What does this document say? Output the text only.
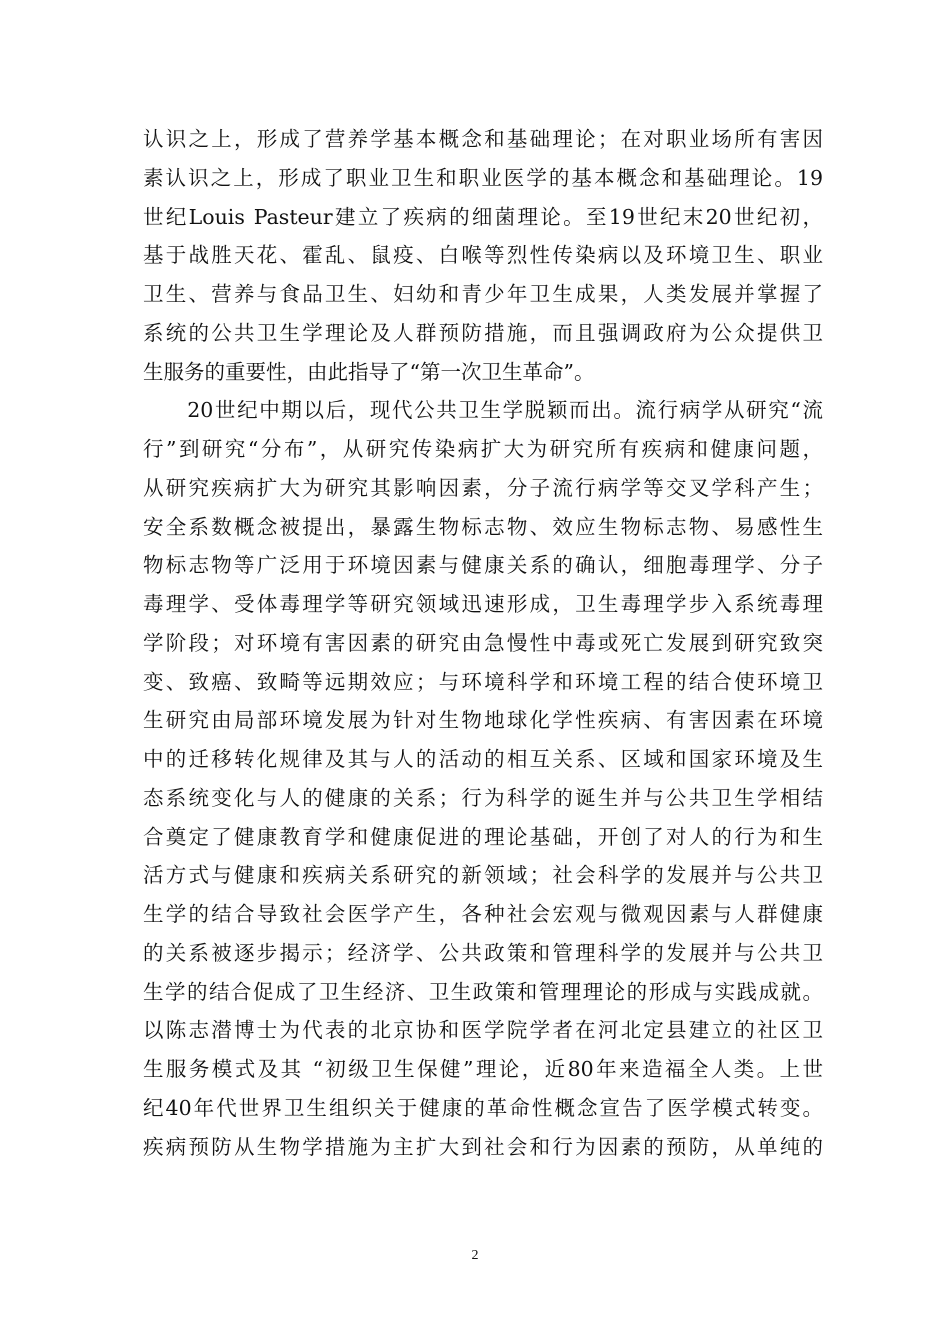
认识之上，形成了营养学基本概念和基础理论；在对职业场所有害因
素认识之上，形成了职业卫生和职业医学的基本概念和基础理论。19
世纪Louis Pasteur建立了疾病的细菌理论。至19世纪末20世纪初，
基于战胜天花、霍乱、鼠疫、白喉等烈性传染病以及环境卫生、职业
卫生、营养与食品卫生、妇幼和青少年卫生成果，人类发展并掌握了
系统的公共卫生学理论及人群预防措施，而且强调政府为公众提供卫
生服务的重要性，由此指导了“第一次卫生革命”。
　　20世纪中期以后，现代公共卫生学脱颖而出。流行病学从研究“流
行”到研究“分布”，从研究传染病扩大为研究所有疾病和健康问题，
从研究疾病扩大为研究其影响因素，分子流行病学等交叉学科产生；
安全系数概念被提出，暴露生物标志物、效应生物标志物、易感性生
物标志物等广泛用于环境因素与健康关系的确认，细胞毒理学、分子
毒理学、受体毒理学等研究领域迅速形成，卫生毒理学步入系统毒理
学阶段；对环境有害因素的研究由急慢性中毒或死亡发展到研究致突
变、致癌、致畸等远期效应；与环境科学和环境工程的结合使环境卫
生研究由局部环境发展为针对生物地球化学性疾病、有害因素在环境
中的迁移转化规律及其与人的活动的相互关系、区域和国家环境及生
态系统变化与人的健康的关系；行为科学的诞生并与公共卫生学相结
合奠定了健康教育学和健康促进的理论基础，开创了对人的行为和生
活方式与健康和疾病关系研究的新领域；社会科学的发展并与公共卫
生学的结合导致社会医学产生，各种社会宏观与微观因素与人群健康
的关系被逐步揭示；经济学、公共政策和管理科学的发展并与公共卫
生学的结合促成了卫生经济、卫生政策和管理理论的形成与实践成就。
以陈志潜博士为代表的北京协和医学院学者在河北定县建立的社区卫
生服务模式及其 “初级卫生保健”理论，近80年来造福全人类。上世
纪40年代世界卫生组织关于健康的革命性概念宣告了医学模式转变。
疾病预防从生物学措施为主扩大到社会和行为因素的预防，从单纯的
2
